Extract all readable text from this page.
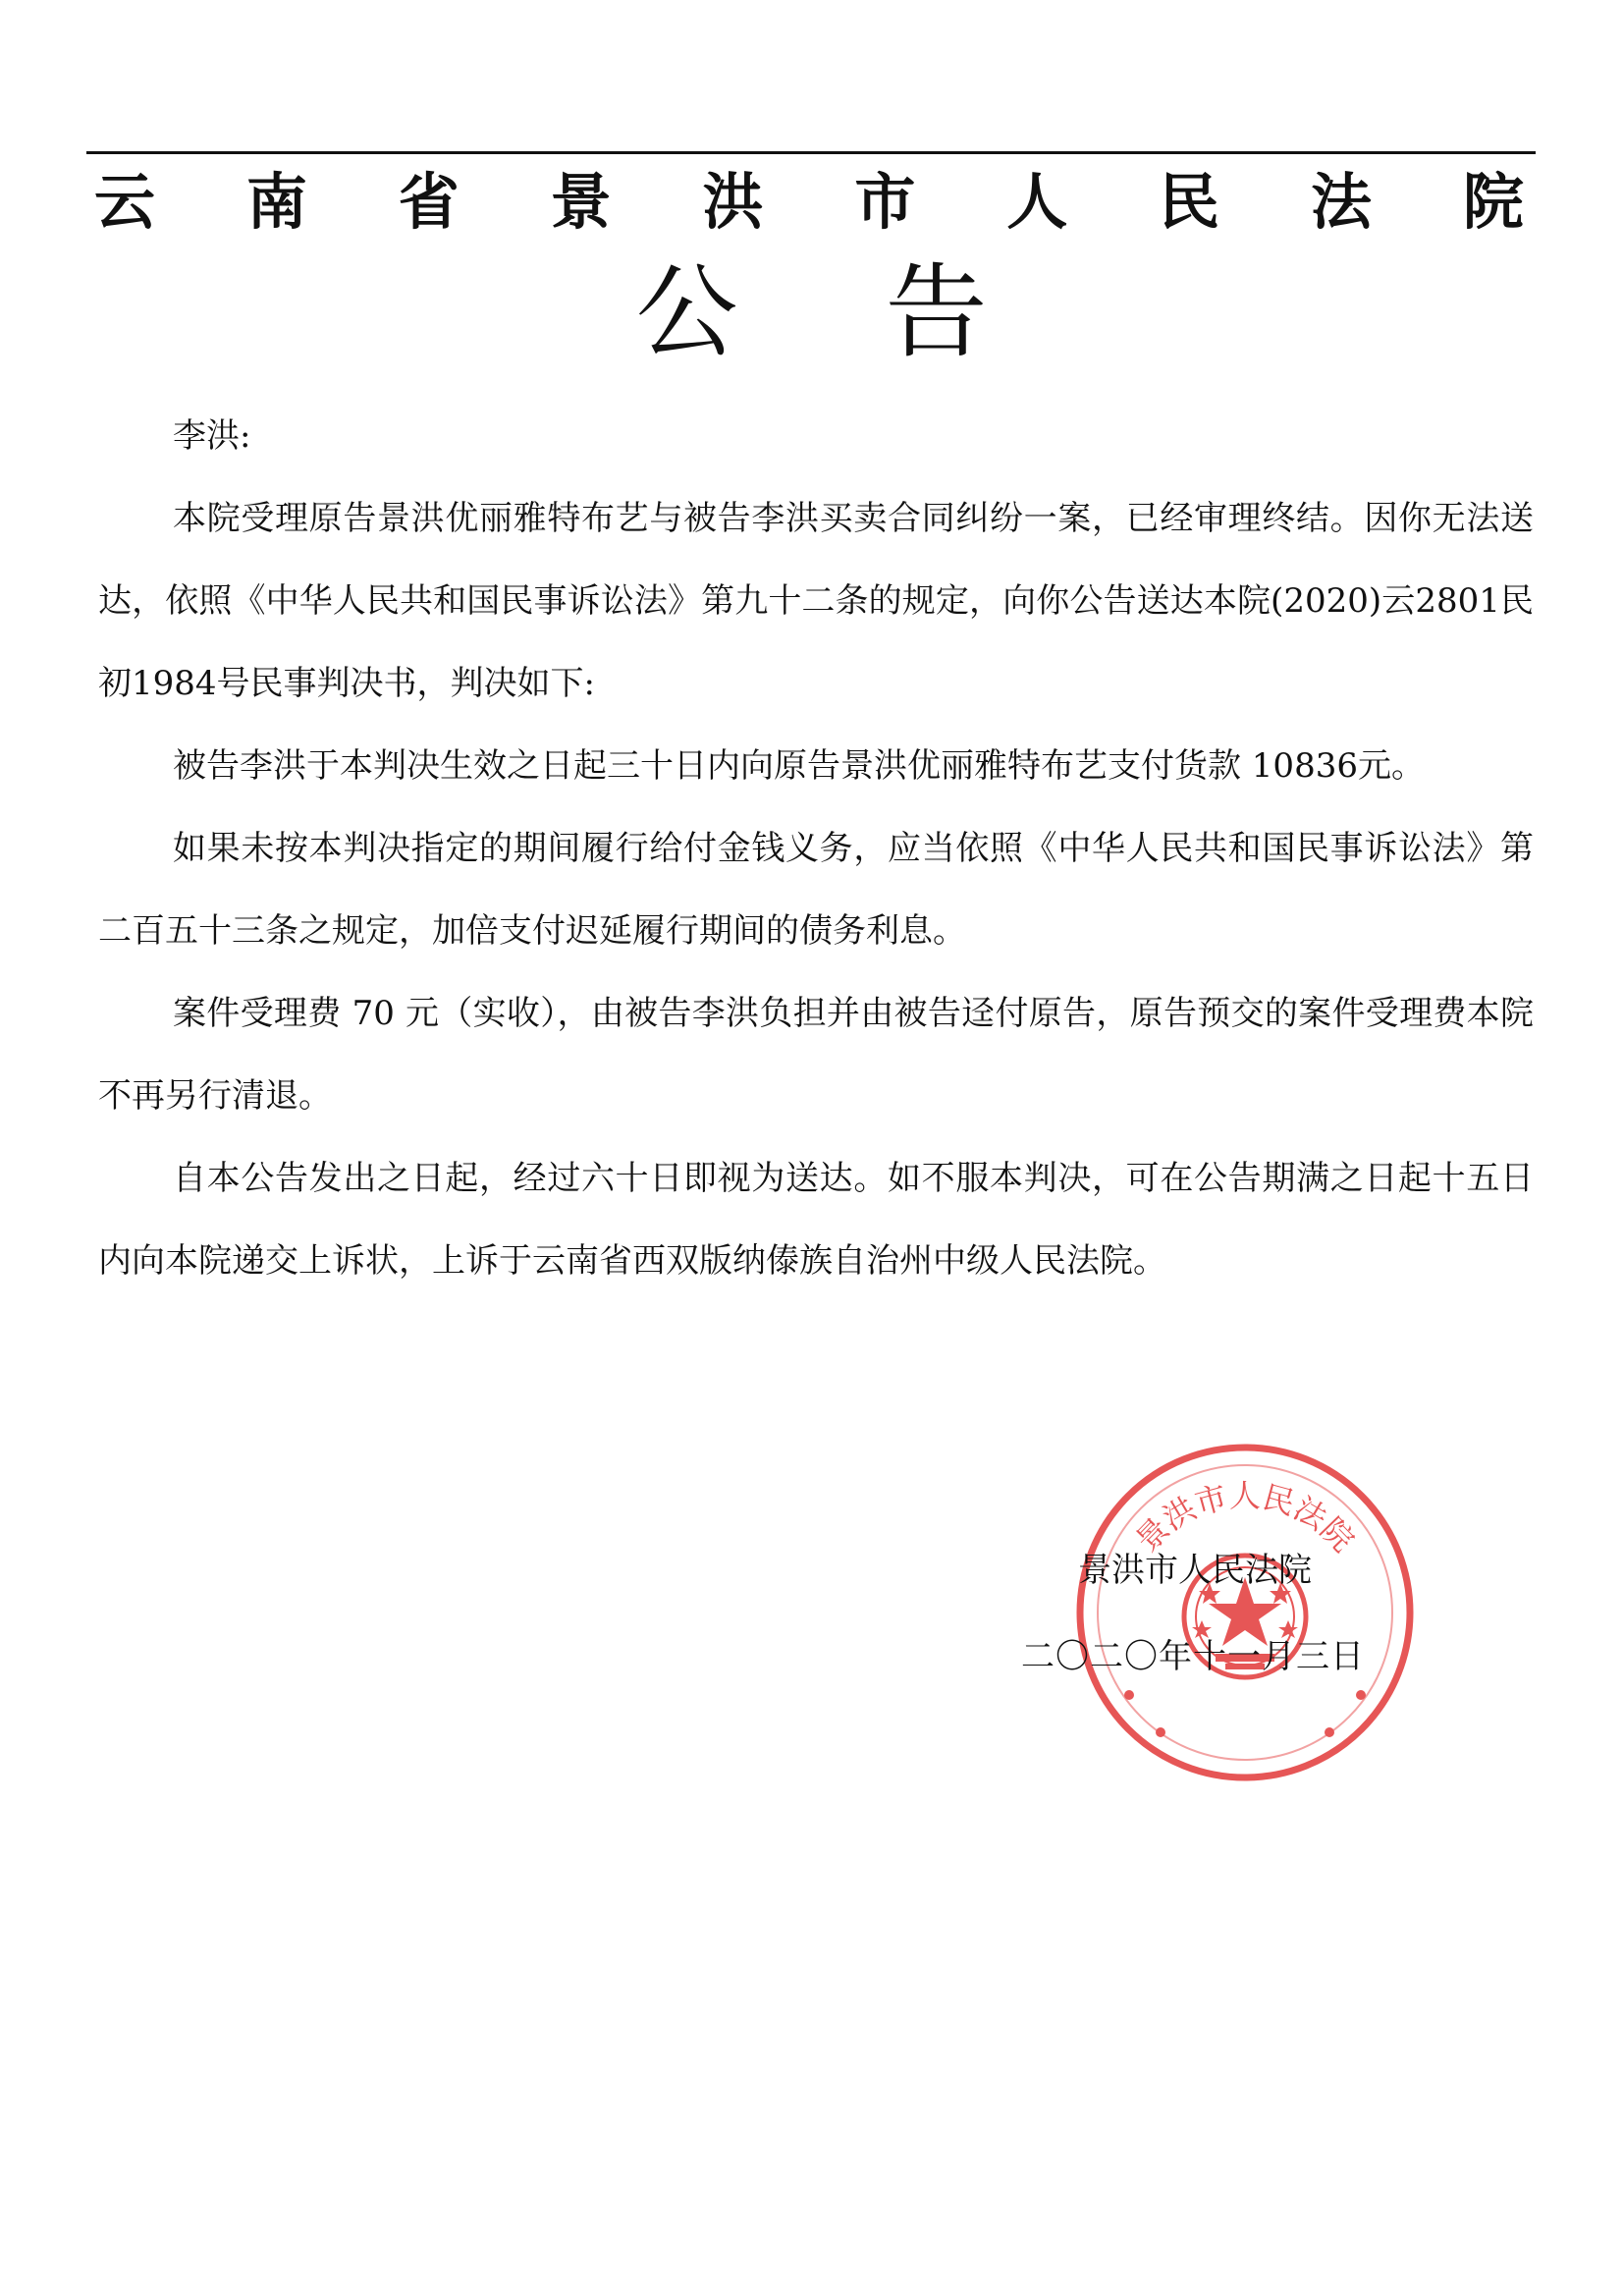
云 南 省 景 洪 市 人 民 法 院
公 告

李洪:

本院受理原告景洪优丽雅特布艺与被告李洪买卖合同纠纷一案，已经审理终结。因你无法送达，依照《中华人民共和国民事诉讼法》第九十二条的规定，向你公告送达本院(2020)云2801民初1984号民事判决书，判决如下:

被告李洪于本判决生效之日起三十日内向原告景洪优丽雅特布艺支付货款 10836元。

如果未按本判决指定的期间履行给付金钱义务，应当依照《中华人民共和国民事诉讼法》第二百五十三条之规定，加倍支付迟延履行期间的债务利息。

案件受理费 70 元（实收），由被告李洪负担并由被告迳付原告，原告预交的案件受理费本院不再另行清退。

自本公告发出之日起，经过六十日即视为送达。如不服本判决，可在公告期满之日起十五日内向本院递交上诉状，上诉于云南省西双版纳傣族自治州中级人民法院。

景洪市人民法院
景洪市人民法院
二〇二〇年十一月三日
